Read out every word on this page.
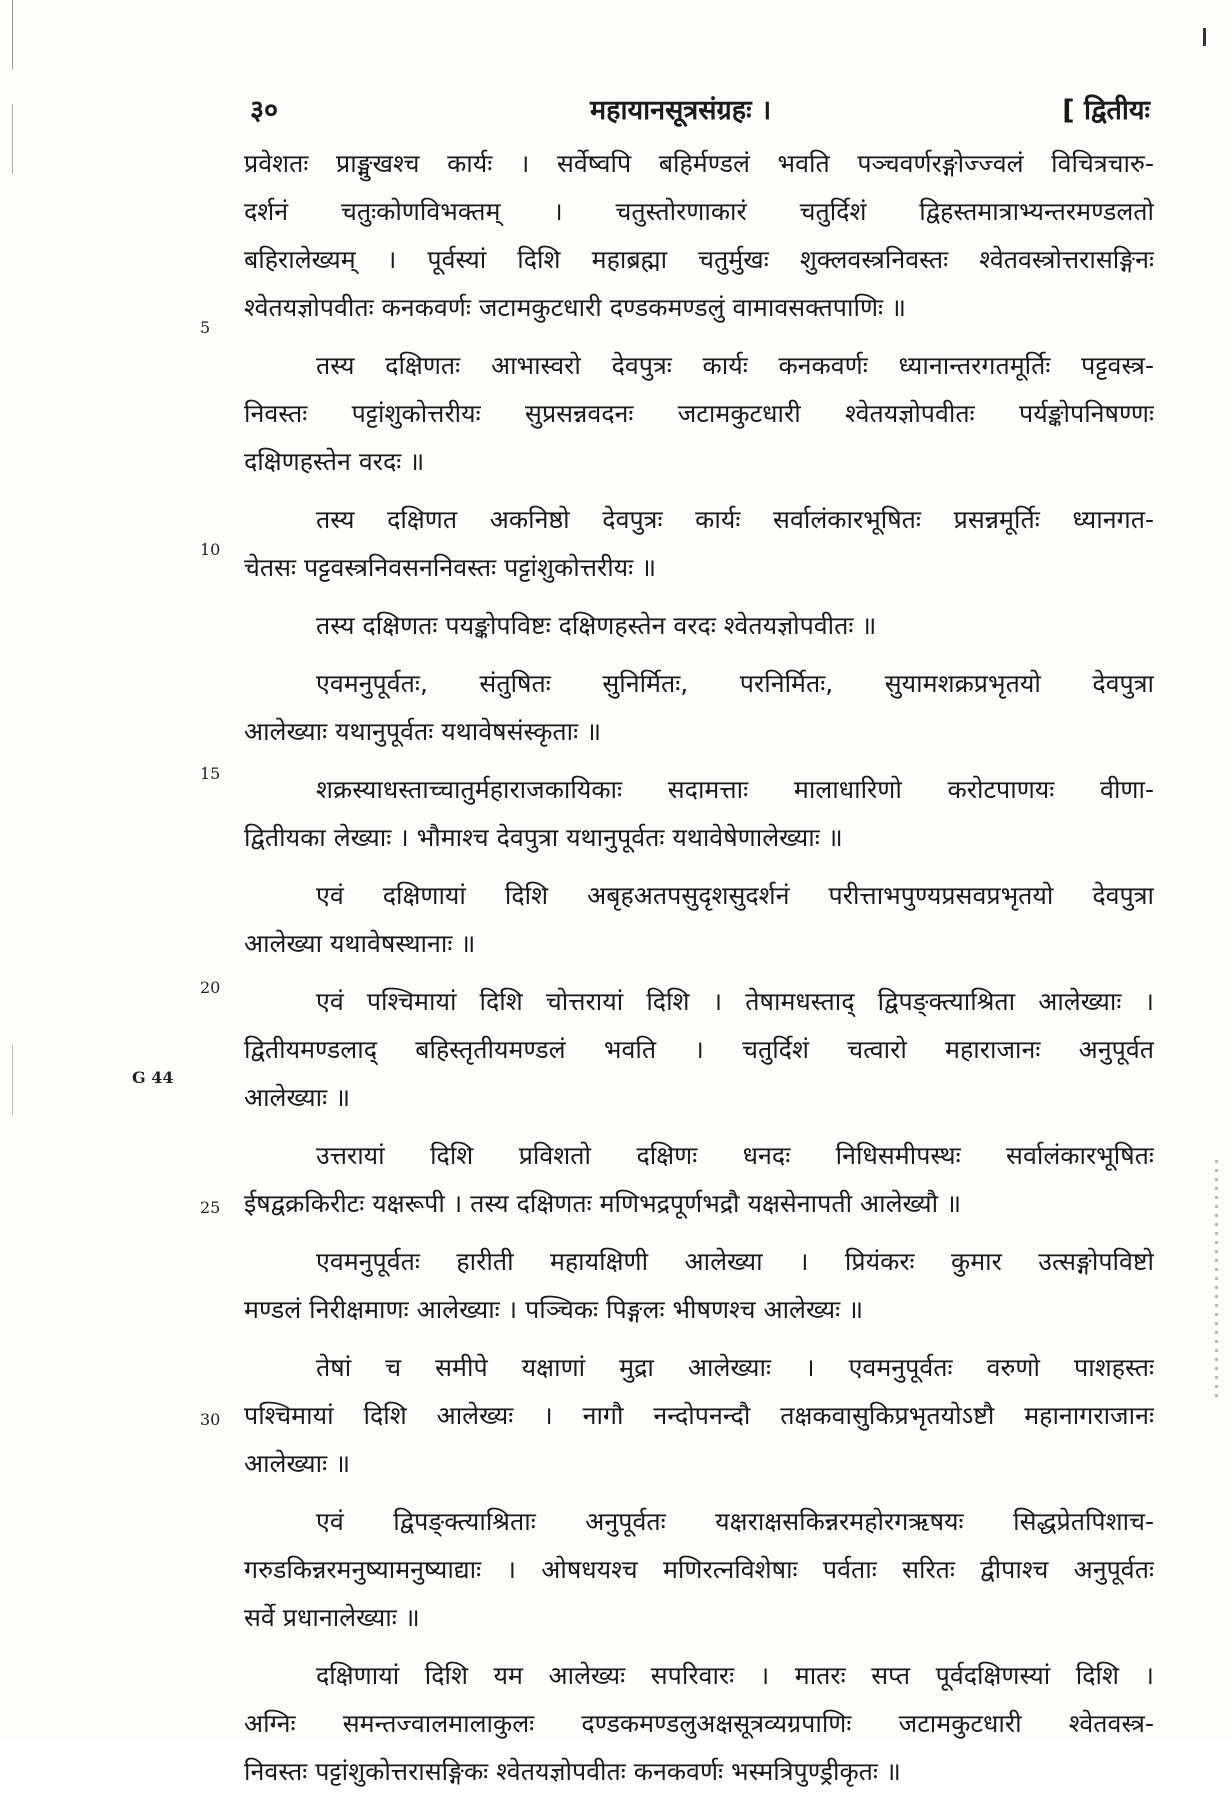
३०	महायानसूत्रसंग्रहः ।	[ द्वितीयः
5
10
15
20
G 44
25
30
प्रवेशतः प्राङ्मुखश्च कार्यः । सर्वेष्वपि बहिर्मण्डलं भवति पञ्चवर्णरङ्गोज्ज्वलं विचित्रचारु-
दर्शनं चतुःकोणविभक्तम् । चतुस्तोरणाकारं चतुर्दिशं द्विहस्तमात्राभ्यन्तरमण्डलतो
बहिरालेख्यम् । पूर्वस्यां दिशि महाब्रह्मा चतुर्मुखः शुक्लवस्त्रनिवस्तः श्वेतवस्त्रोत्तरासङ्गिनः
श्वेतयज्ञोपवीतः कनकवर्णः जटामकुटधारी दण्डकमण्डलुं वामावसक्तपाणिः ॥
तस्य दक्षिणतः आभास्वरो देवपुत्रः कार्यः कनकवर्णः ध्यानान्तरगतमूर्तिः पट्टवस्त्र-
निवस्तः पट्टांशुकोत्तरीयः सुप्रसन्नवदनः जटामकुटधारी श्वेतयज्ञोपवीतः पर्यङ्कोपनिषण्णः
दक्षिणहस्तेन वरदः ॥
तस्य दक्षिणत अकनिष्ठो देवपुत्रः कार्यः सर्वालंकारभूषितः प्रसन्नमूर्तिः ध्यानगत-
चेतसः पट्टवस्त्रनिवसननिवस्तः पट्टांशुकोत्तरीयः ॥
तस्य दक्षिणतः पयङ्कोपविष्टः दक्षिणहस्तेन वरदः श्वेतयज्ञोपवीतः ॥
एवमनुपूर्वतः, संतुषितः सुनिर्मितः, परनिर्मितः, सुयामशक्रप्रभृतयो देवपुत्रा
आलेख्याः यथानुपूर्वतः यथावेषसंस्कृताः ॥
शक्रस्याधस्ताच्चातुर्महाराजकायिकाः सदामत्ताः मालाधारिणो करोटपाणयः वीणा-
द्वितीयका लेख्याः । भौमाश्च देवपुत्रा यथानुपूर्वतः यथावेषेणालेख्याः ॥
एवं दक्षिणायां दिशि अबृहअतपसुदृशसुदर्शनं परीत्ताभपुण्यप्रसवप्रभृतयो देवपुत्रा
आलेख्या यथावेषस्थानाः ॥
एवं पश्चिमायां दिशि चोत्तरायां दिशि । तेषामधस्ताद् द्विपङ्क्त्याश्रिता आलेख्याः ।
द्वितीयमण्डलाद् बहिस्तृतीयमण्डलं भवति । चतुर्दिशं चत्वारो महाराजानः अनुपूर्वत
आलेख्याः ॥
उत्तरायां दिशि प्रविशतो दक्षिणः धनदः निधिसमीपस्थः सर्वालंकारभूषितः
ईषद्वक्रकिरीटः यक्षरूपी । तस्य दक्षिणतः मणिभद्रपूर्णभद्रौ यक्षसेनापती आलेख्यौ ॥
एवमनुपूर्वतः हारीती महायक्षिणी आलेख्या । प्रियंकरः कुमार उत्सङ्गोपविष्टो
मण्डलं निरीक्षमाणः आलेख्याः । पञ्चिकः पिङ्गलः भीषणश्च आलेख्यः ॥
तेषां च समीपे यक्षाणां मुद्रा आलेख्याः । एवमनुपूर्वतः वरुणो पाशहस्तः
पश्चिमायां दिशि आलेख्यः । नागौ नन्दोपनन्दौ तक्षकवासुकिप्रभृतयोऽष्टौ महानागराजानः
आलेख्याः ॥
एवं द्विपङ्क्त्याश्रिताः अनुपूर्वतः यक्षराक्षसकिन्नरमहोरगऋषयः सिद्धप्रेतपिशाच-
गरुडकिन्नरमनुष्यामनुष्याद्याः । ओषधयश्च मणिरत्नविशेषाः पर्वताः सरितः द्वीपाश्च अनुपूर्वतः
सर्वे प्रधानालेख्याः ॥
दक्षिणायां दिशि यम आलेख्यः सपरिवारः । मातरः सप्त पूर्वदक्षिणस्यां दिशि ।
अग्निः समन्तज्वालमालाकुलः दण्डकमण्डलुअक्षसूत्रव्यग्रपाणिः जटामकुटधारी श्वेतवस्त्र-
निवस्तः पट्टांशुकोत्तरासङ्गिकः श्वेतयज्ञोपवीतः कनकवर्णः भस्मत्रिपुण्ड्रीकृतः ॥
